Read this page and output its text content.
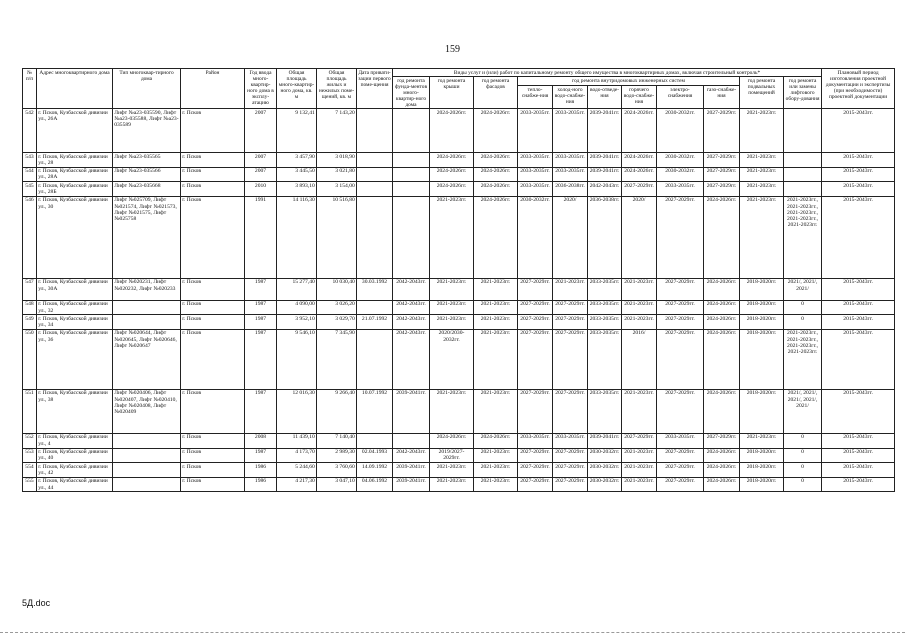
159
№ п/п	Адрес многоквартирного дома	Тип многоквар-тирного дома	Район	Год ввода много-квартир-ного дома в эксплу-атацию	Общая площадь много-квартир-ного дома, кв. м	Общая площадь жилых и нежилых поме-щений, кв. м	Дата привати-зации первого поме-щения	Виды услуг и (или) работ по капитальному ремонту общего имущества в многоквартирных домах, включая строительный контроль*											Плановый период изготовления проектной документации и экспертизы (при необходимости) проектной документации
								год ремонта фунда-ментов много-квартир-ного дома	год ремонта крыши	год ремонта фасадов	год ремонта внутридомовых инженерных систем						год ремонта подвальных помещений	год ремонта или замены лифтового обору-дования	
											тепло-снабже-ния	холод-ного водо-снабже-ния	водо-отведе-ния	горячего водо-снабже-ния	электро-снабжения	газо-снабже-ния			
542	г. Псков, Кузбасской дивизии ул., 26А	Лифт №а23-035590, Лифт №а23-035588, Лифт №а23-035589	г. Псков	2007	9 132,41	7 143,20			2024-2026гг.	2024-2026гг.	2033-2035гг.	2033-2035гг.	2039-2041гг.	2024-2026гг.	2030-2032гг.	2027-2029гг.	2021-2023гг.		2015-2043гг.
543	г. Псков, Кузбасской дивизии ул., 28	Лифт №а23-035565	г. Псков	2007	3 457,90	3 018,90			2024-2026гг.	2024-2026гг.	2033-2035гг.	2033-2035гг.	2039-2041гг.	2024-2026гг.	2030-2032гг.	2027-2029гг.	2021-2023гг.		2015-2043гг.
544	г. Псков, Кузбасской дивизии ул., 28А	Лифт №а23-035566	г. Псков	2007	3 445,50	3 021,80			2024-2026гг.	2024-2026гг.	2033-2035гг.	2033-2035гг.	2039-2041гг.	2024-2026гг.	2030-2032гг.	2027-2029гг.	2021-2023гг.		2015-2043гг.
545	г. Псков, Кузбасской дивизии ул., 28Б	Лифт №а23-035668	г. Псков	2010	3 893,10	3 154,00			2024-2026гг.	2024-2026гг.	2033-2035гг.	2036-2038гг.	2042-2043гг.	2027-2029гг.	2033-2035гг.	2027-2029гг.	2021-2023гг.		2015-2043гг.
546	г. Псков, Кузбасской дивизии ул., 30	Лифт №025709, Лифт №021574, Лифт №021573, Лифт №021575, Лифт №025758	г. Псков	1991	14 116,30	10 516,80			2021-2023гг.	2024-2026гг.	2030-2032гг.	2020/	2036-2038гг.	2020/	2027-2029гг.	2024-2026гг.	2021-2023гг.	2021-2023гг., 2021-2023гг., 2021-2023гг., 2021-2023гг., 2021-2023гг.	2015-2043гг.
547	г. Псков, Кузбасской дивизии ул., 30А	Лифт №020231, Лифт №020232, Лифт №020233	г. Псков	1987	15 277,40	10 030,40	30.03.1992	2042-2043гг.	2021-2023гг.	2021-2023гг.	2027-2029гг.	2021-2023гг.	2033-2035гг.	2021-2023гг.	2027-2029гг.	2024-2026гг.	2018-2020гг.	2021/, 2021/, 2021/	2015-2043гг.
548	г. Псков, Кузбасской дивизии ул., 32		г. Псков	1987	4 090,00	3 026,20		2042-2043гг.	2021-2023гг.	2021-2023гг.	2027-2029гг.	2027-2029гг.	2033-2035гг.	2021-2023гг.	2027-2029гг.	2024-2026гг.	2018-2020гг.	0	2015-2043гг.
549	г. Псков, Кузбасской дивизии ул., 34		г. Псков	1987	3 952,10	3 029,70	21.07.1992	2042-2043гг.	2021-2023гг.	2021-2023гг.	2027-2029гг.	2027-2029гг.	2033-2035гг.	2021-2023гг.	2027-2029гг.	2024-2026гг.	2018-2020гг.	0	2015-2043гг.
550	г. Псков, Кузбасской дивизии ул., 36	Лифт №020644, Лифт №020645, Лифт №020646, Лифт №020647	г. Псков	1987	9 546,10	7 345,90		2042-2043гг.	2020/2030-2032гг.	2021-2023гг.	2027-2029гг.	2027-2029гг.	2033-2035гг.	2016/	2027-2029гг.	2024-2026гг.	2018-2020гг.	2021-2023гг., 2021-2023гг., 2021-2023гг., 2021-2023гг.	2015-2043гг.
551	г. Псков, Кузбасской дивизии ул., 38	Лифт №020406, Лифт №020407, Лифт №020410, Лифт №020408, Лифт №020409	г. Псков	1987	12 016,30	9 266,40	10.07.1992	2039-2041гг.	2021-2023гг.	2021-2023гг.	2027-2029гг.	2027-2029гг.	2033-2035гг.	2021-2023гг.	2027-2029гг.	2024-2026гг.	2018-2020гг.	2021/, 2021/, 2021/, 2021/, 2021/	2015-2043гг.
552	г. Псков, Кузбасской дивизии ул., 4		г. Псков	2008	11 439,10	7 140,40			2024-2026гг.	2024-2026гг.	2033-2035гг.	2033-2035гг.	2039-2041гг.	2027-2029гг.	2033-2035гг.	2027-2029гг.	2021-2023гг.	0	2015-2043гг.
553	г. Псков, Кузбасской дивизии ул., 40		г. Псков	1987	4 173,70	2 989,30	02.04.1993	2042-2043гг.	2019/2027-2029гг.	2021-2023гг.	2027-2029гг.	2027-2029гг.	2030-2032гг.	2021-2023гг.	2027-2029гг.	2024-2026гг.	2018-2020гг.	0	2015-2043гг.
554	г. Псков, Кузбасской дивизии ул., 42		г. Псков	1986	5 244,60	3 760,60	14.09.1992	2039-2041гг.	2021-2023гг.	2021-2023гг.	2027-2029гг.	2027-2029гг.	2030-2032гг.	2021-2023гг.	2027-2029гг.	2024-2026гг.	2018-2020гг.	0	2015-2043гг.
555	г. Псков, Кузбасской дивизии ул., 44		г. Псков	1986	4 217,30	3 047,10	04.06.1992	2039-2041гг.	2021-2023гг.	2021-2023гг.	2027-2029гг.	2027-2029гг.	2030-2032гг.	2021-2023гг.	2027-2029гг.	2024-2026гг.	2018-2020гг.	0	2015-2043гг.
5Д.doc
